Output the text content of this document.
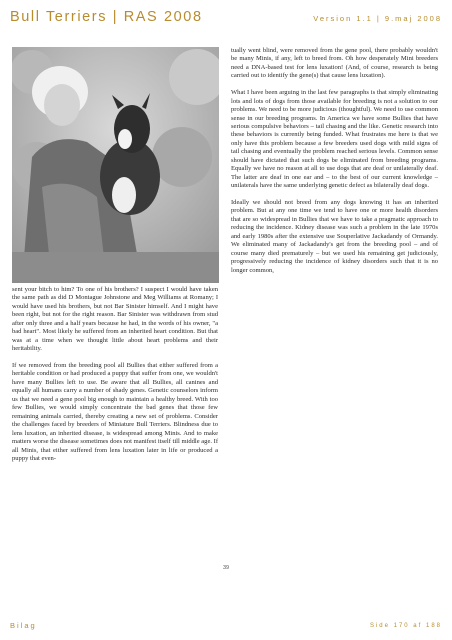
Bull Terriers | RAS 2008	Version 1.1 | 9.maj 2008

sent your bitch to him? To one of his brothers? I suspect I would have taken the same path as did D Montague Johnstone and Meg Williams at Romany; I would have used his brothers, but not Bar Sinister himself. And I might have been right, but not for the right reason. Bar Sinister was withdrawn from stud after only three and a half years because he had, in the words of his owner, "a bad heart". Most likely he suffered from an inherited heart condition. But that was at a time when we thought little about heart problems and their heritability.

If we removed from the breeding pool all Bullies that either suffered from a heritable condition or had produced a puppy that suffer from one, we wouldn't have many Bullies left to use. Be aware that all Bullies, all canines and equally all humans carry a number of shady genes. Genetic counselors inform us that we need a gene pool big enough to maintain a healthy breed. With too few Bullies, we would simply concentrate the bad genes that those few remaining animals carried, thereby creating a new set of problems. Consider the challenges faced by breeders of Miniature Bull Terriers. Blindness due to lens luxation, an inherited disease, is widespread among Minis. And to make matters worse the disease sometimes does not manifest itself till middle age. If all Minis, that either suffered from lens luxation later in life or produced a puppy that even-

tually went blind, were removed from the gene pool, there probably wouldn't be many Minis, if any, left to breed from. Oh how desperately Mini breeders need a DNA-based test for lens luxation! (And, of course, research is being carried out to identify the gene(s) that cause lens luxation).

What I have been arguing in the last few paragraphs is that simply eliminating lots and lots of dogs from those available for breeding is not a solution to our problems. We need to be more judicious (thoughtful). We need to use common sense in our breeding programs. In America we have some Bullies that have serious compulsive behaviors – tail chasing and the like. Genetic research into these behaviors is currently being funded. What frustrates me here is that we only have this problem because a few breeders used dogs with mild signs of tail chasing and eventually the problem reached serious levels. Common sense should have dictated that such dogs be eliminated from breeding programs. Equally we have no reason at all to use dogs that are deaf or unilaterally deaf. The latter are deaf in one ear and – to the best of our current knowledge – unilaterals have the same underlying genetic defect as bilaterally deaf dogs.

Ideally we should not breed from any dogs knowing it has an inherited problem. But at any one time we tend to have one or more health disorders that are so widespread in Bullies that we have to take a pragmatic approach to reducing the incidence. Kidney disease was such a problem in the late 1970s and early 1980s after the extensive use Souperlative Jackadandy of Ormandy. We eliminated many of Jackadandy's get from the breeding pool – and of course many died prematurely – but we used his remaining get judiciously, progressively reducing the incidence of kidney disorders such that it is no longer common,

39
Bilag	Side 170 af 188
